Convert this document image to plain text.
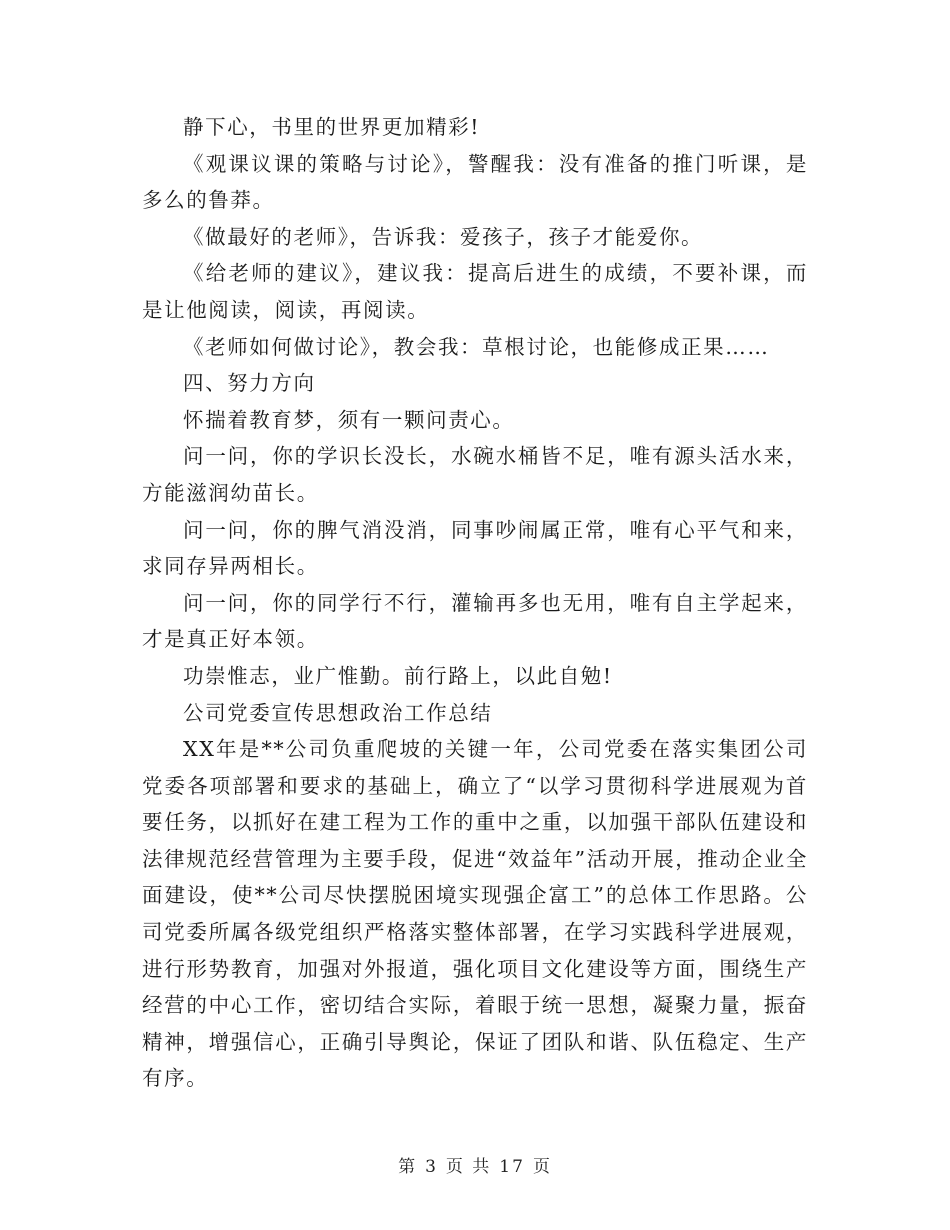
静下心，书里的世界更加精彩!

《观课议课的策略与讨论》，警醒我：没有准备的推门听课，是多么的鲁莽。

《做最好的老师》，告诉我：爱孩子，孩子才能爱你。

《给老师的建议》，建议我：提高后进生的成绩，不要补课，而是让他阅读，阅读，再阅读。

《老师如何做讨论》，教会我：草根讨论，也能修成正果……

四、努力方向

怀揣着教育梦，须有一颗问责心。

问一问，你的学识长没长，水碗水桶皆不足，唯有源头活水来，方能滋润幼苗长。

问一问，你的脾气消没消，同事吵闹属正常，唯有心平气和来，求同存异两相长。

问一问，你的同学行不行，灌输再多也无用，唯有自主学起来，才是真正好本领。

功崇惟志，业广惟勤。前行路上，以此自勉!

公司党委宣传思想政治工作总结

XX年是**公司负重爬坡的关键一年，公司党委在落实集团公司党委各项部署和要求的基础上，确立了“以学习贯彻科学进展观为首要任务，以抓好在建工程为工作的重中之重，以加强干部队伍建设和法律规范经营管理为主要手段，促进“效益年”活动开展，推动企业全面建设，使**公司尽快摆脱困境实现强企富工”的总体工作思路。公司党委所属各级党组织严格落实整体部署，在学习实践科学进展观，进行形势教育，加强对外报道，强化项目文化建设等方面，围绕生产经营的中心工作，密切结合实际，着眼于统一思想，凝聚力量，振奋精神，增强信心，正确引导舆论，保证了团队和谐、队伍稳定、生产有序。

第 3 页 共 17 页
